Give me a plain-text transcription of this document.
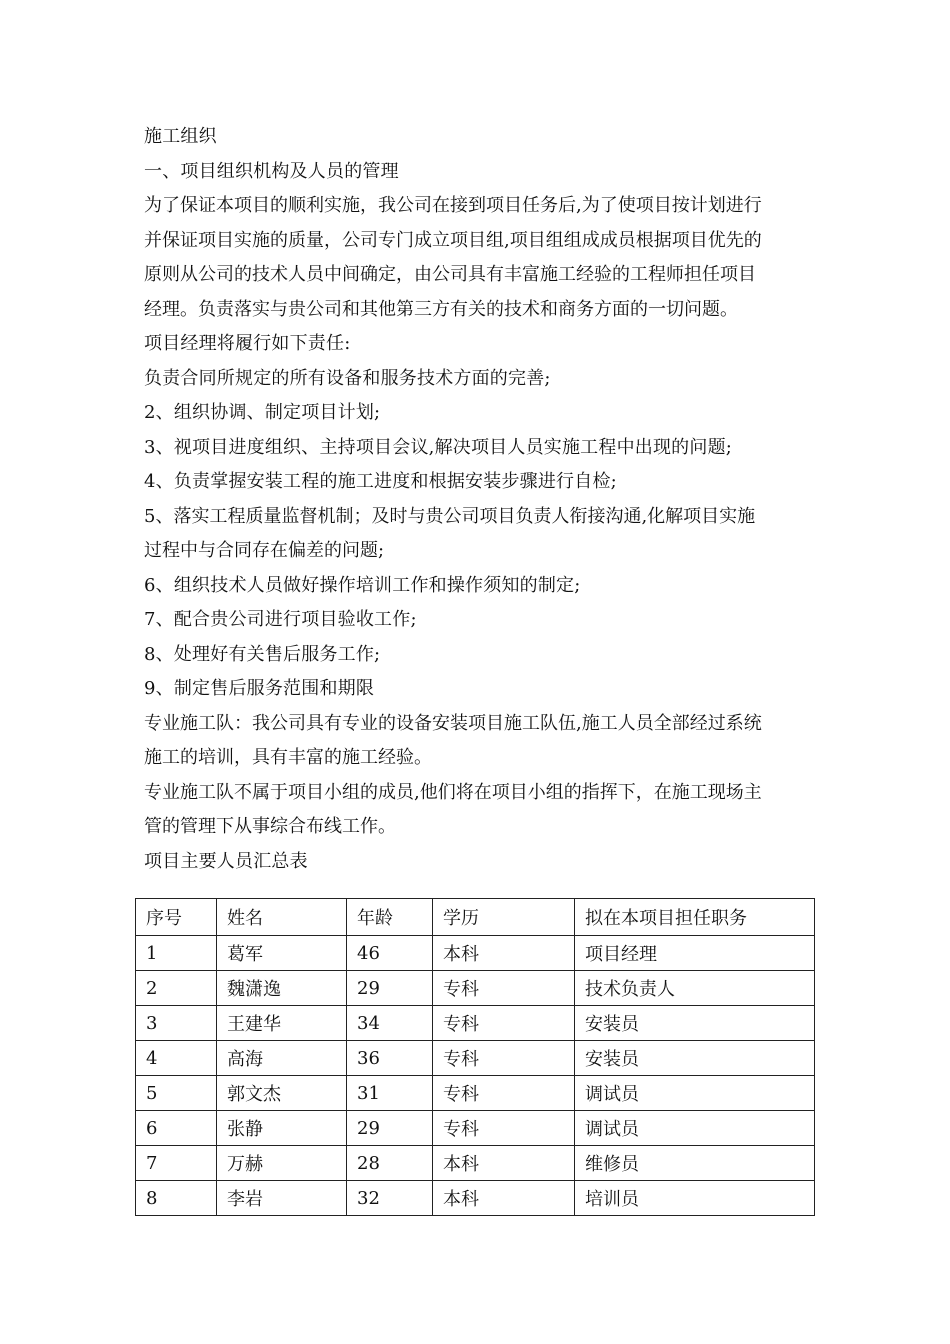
施工组织
一、项目组织机构及人员的管理
为了保证本项目的顺利实施，我公司在接到项目任务后,为了使项目按计划进行
并保证项目实施的质量，公司专门成立项目组,项目组组成成员根据项目优先的
原则从公司的技术人员中间确定，由公司具有丰富施工经验的工程师担任项目
经理。负责落实与贵公司和其他第三方有关的技术和商务方面的一切问题。
项目经理将履行如下责任:
负责合同所规定的所有设备和服务技术方面的完善;
2、组织协调、制定项目计划;
3、视项目进度组织、主持项目会议,解决项目人员实施工程中出现的问题;
4、负责掌握安装工程的施工进度和根据安装步骤进行自检;
5、落实工程质量监督机制；及时与贵公司项目负责人衔接沟通,化解项目实施
过程中与合同存在偏差的问题;
6、组织技术人员做好操作培训工作和操作须知的制定;
7、配合贵公司进行项目验收工作;
8、处理好有关售后服务工作;
9、制定售后服务范围和期限
专业施工队：我公司具有专业的设备安装项目施工队伍,施工人员全部经过系统
施工的培训，具有丰富的施工经验。
专业施工队不属于项目小组的成员,他们将在项目小组的指挥下，在施工现场主
管的管理下从事综合布线工作。
项目主要人员汇总表
序号	姓名	年龄	学历	拟在本项目担任职务
1	葛军	46	本科	项目经理
2	魏潇逸	29	专科	技术负责人
3	王建华	34	专科	安装员
4	高海	36	专科	安装员
5	郭文杰	31	专科	调试员
6	张静	29	专科	调试员
7	万赫	28	本科	维修员
8	李岩	32	本科	培训员
